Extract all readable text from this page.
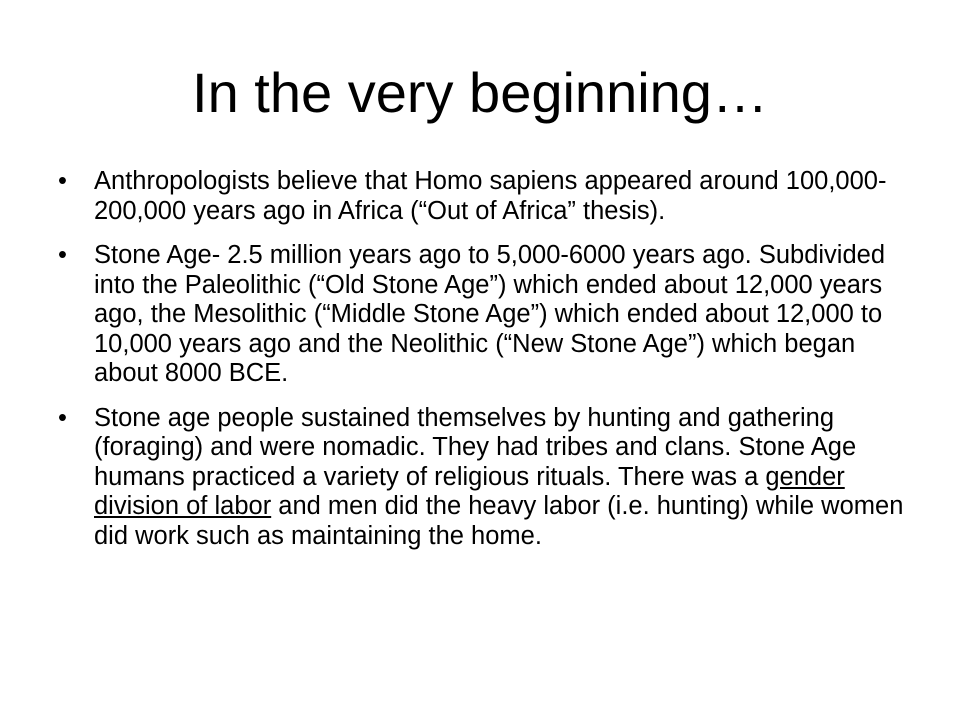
In the very beginning…
• Anthropologists believe that Homo sapiens appeared around 100,000-200,000 years ago in Africa (“Out of Africa” thesis).
• Stone Age- 2.5 million years ago to 5,000-6000 years ago. Subdivided into the Paleolithic (“Old Stone Age”) which ended about 12,000 years ago, the Mesolithic (“Middle Stone Age”) which ended about 12,000 to 10,000 years ago and the Neolithic (“New Stone Age”) which began about 8000 BCE.
• Stone age people sustained themselves by hunting and gathering (foraging) and were nomadic. They had tribes and clans. Stone Age humans practiced a variety of religious rituals. There was a gender division of labor and men did the heavy labor (i.e. hunting) while women did work such as maintaining the home.
